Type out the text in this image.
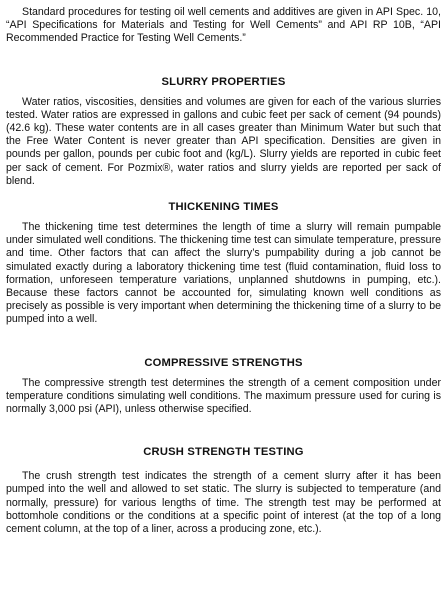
Standard procedures for testing oil well cements and additives are given in API Spec. 10, “API Specifications for Materials and Testing for Well Cements” and API RP 10B, “API Recommended Practice for Testing Well Cements.”

SLURRY PROPERTIES

Water ratios, viscosities, densities and volumes are given for each of the various slurries tested. Water ratios are expressed in gallons and cubic feet per sack of cement (94 pounds) (42.6 kg). These water contents are in all cases greater than Minimum Water but such that the Free Water Content is never greater than API specification. Densities are given in pounds per gallon, pounds per cubic foot and (kg/L). Slurry yields are reported in cubic feet per sack of cement. For Pozmix®, water ratios and slurry yields are reported per sack of blend.

THICKENING TIMES

The thickening time test determines the length of time a slurry will remain pumpable under simulated well conditions. The thickening time test can simulate temperature, pressure and time. Other factors that can affect the slurry’s pumpability during a job cannot be simulated exactly during a laboratory thickening time test (fluid contamination, fluid loss to formation, unforeseen temperature variations, unplanned shutdowns in pumping, etc.). Because these factors cannot be accounted for, simulating known well conditions as precisely as possible is very important when determining the thickening time of a slurry to be pumped into a well.

COMPRESSIVE STRENGTHS

The compressive strength test determines the strength of a cement composition under temperature conditions simulating well conditions. The maximum pressure used for curing is normally 3,000 psi (API), unless otherwise specified.

CRUSH STRENGTH TESTING

The crush strength test indicates the strength of a cement slurry after it has been pumped into the well and allowed to set static. The slurry is subjected to temperature (and normally, pressure) for various lengths of time. The strength test may be performed at bottomhole conditions or the conditions at a specific point of interest (at the top of a long cement column, at the top of a liner, across a producing zone, etc.).
